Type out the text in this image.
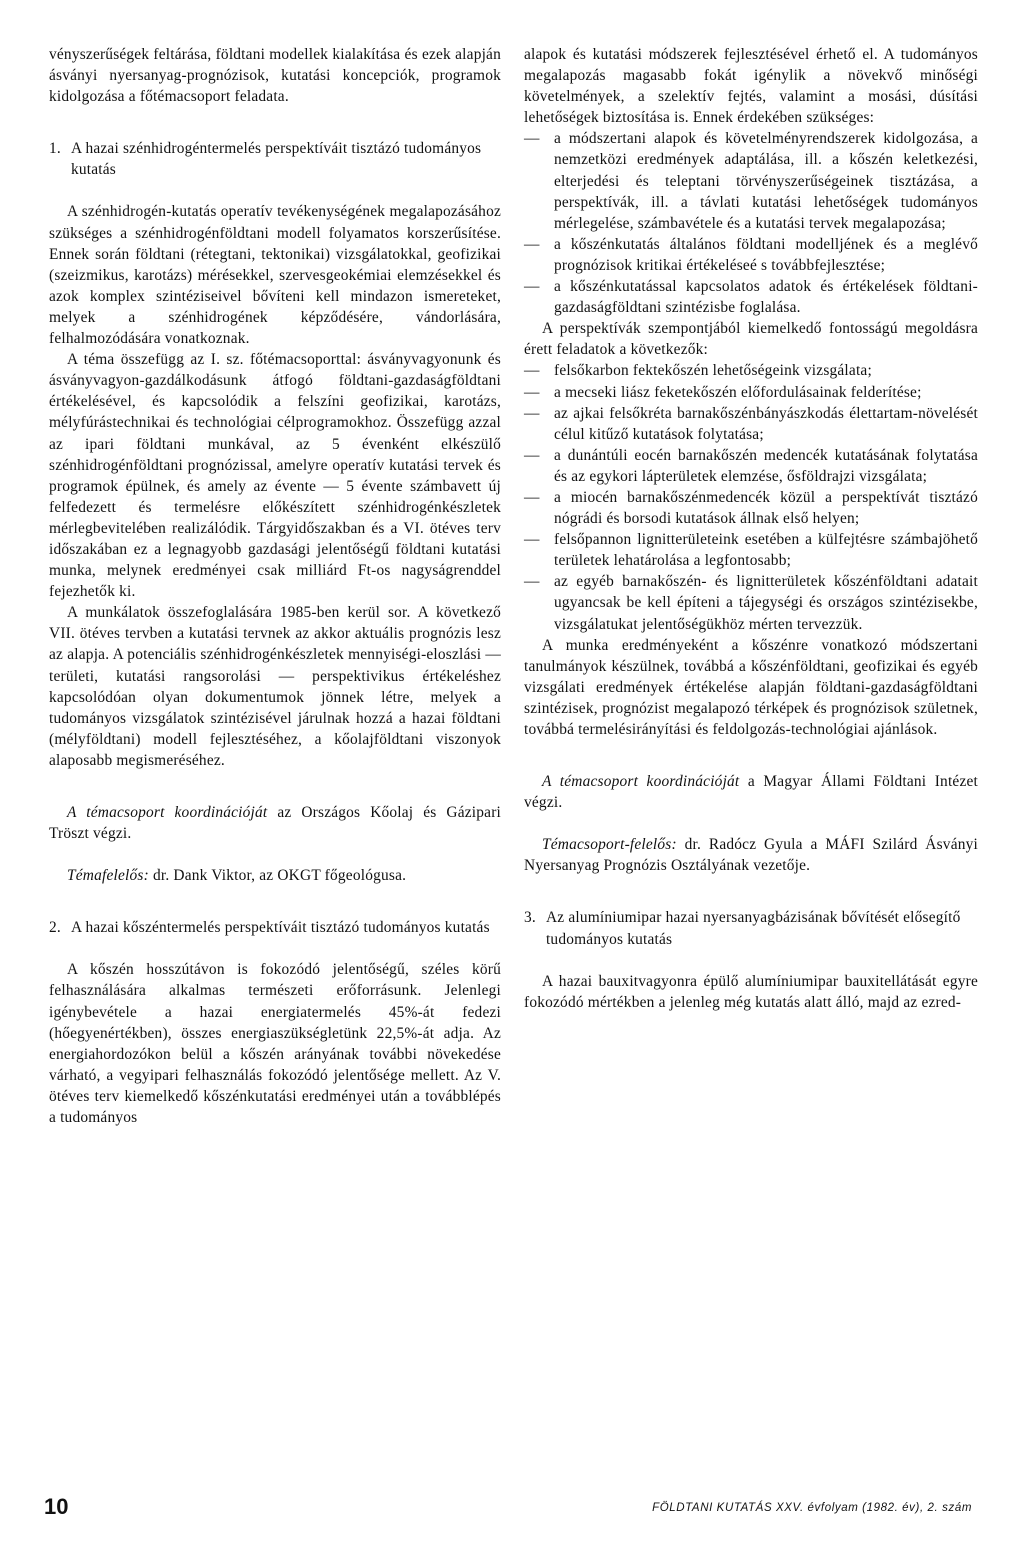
vényszerűségek feltárása, földtani modellek kialakítása és ezek alapján ásványi nyersanyag-prognózisok, kutatási koncepciók, programok kidolgozása a főtémacsoport feladata.

1. A hazai szénhidrogéntermelés perspektíváit tisztázó tudományos kutatás

A szénhidrogén-kutatás operatív tevékenységének megalapozásához szükséges a szénhidrogénföldtani modell folyamatos korszerűsítése. Ennek során földtani (rétegtani, tektonikai) vizsgálatokkal, geofizikai (szeizmikus, karotázs) mérésekkel, szervesgeokémiai elemzésekkel és azok komplex szintéziseivel bővíteni kell mindazon ismereteket, melyek a szénhidrogének képződésére, vándorlására, felhalmozódására vonatkoznak.

A téma összefügg az I. sz. főtémacsoporttal: ásványvagyonunk és ásványvagyon-gazdálkodásunk átfogó földtani-gazdaságföldtani értékelésével, és kapcsolódik a felszíni geofizikai, karotázs, mélyfúrástechnikai és technológiai célprogramokhoz. Összefügg azzal az ipari földtani munkával, az 5 évenként elkészülő szénhidrogénföldtani prognózissal, amelyre operatív kutatási tervek és programok épülnek, és amely az évente — 5 évente számbavett új felfedezett és termelésre előkészített szénhidrogénkészletek mérlegbevitelében realizálódik. Tárgyidőszakban és a VI. ötéves terv időszakában ez a legnagyobb gazdasági jelentőségű földtani kutatási munka, melynek eredményei csak milliárd Ft-os nagyságrenddel fejezhetők ki.

A munkálatok összefoglalására 1985-ben kerül sor. A következő VII. ötéves tervben a kutatási tervnek az akkor aktuális prognózis lesz az alapja. A potenciális szénhidrogénkészletek mennyiségi-eloszlási — területi, kutatási rangsorolási — perspektivikus értékeléshez kapcsolódóan olyan dokumentumok jönnek létre, melyek a tudományos vizsgálatok szintézisével járulnak hozzá a hazai földtani (mélyföldtani) modell fejlesztéséhez, a kőolajföldtani viszonyok alaposabb megismeréséhez.

A témacsoport koordinációját az Országos Kőolaj és Gázipari Tröszt végzi.

Témafelelős: dr. Dank Viktor, az OKGT főgeológusa.

2. A hazai kőszéntermelés perspektíváit tisztázó tudományos kutatás

A kőszén hosszútávon is fokozódó jelentőségű, széles körű felhasználására alkalmas természeti erőforrásunk. Jelenlegi igénybevétele a hazai energiatermelés 45%-át fedezi (hőegyenértékben), összes energiaszükségletünk 22,5%-át adja. Az energiahordozókon belül a kőszén arányának további növekedése várható, a vegyipari felhasználás fokozódó jelentősége mellett. Az V. ötéves terv kiemelkedő kőszénkutatási eredményei után a továbblépés a tudományos

alapok és kutatási módszerek fejlesztésével érhető el. A tudományos megalapozás magasabb fokát igénylik a növekvő minőségi követelmények, a szelektív fejtés, valamint a mosási, dúsítási lehetőségek biztosítása is. Ennek érdekében szükséges:

— a módszertani alapok és követelményrendszerek kidolgozása, a nemzetközi eredmények adaptálása, ill. a kőszén keletkezési, elterjedési és teleptani törvényszerűségeinek tisztázása, a perspektívák, ill. a távlati kutatási lehetőségek tudományos mérlegelése, számbavétele és a kutatási tervek megalapozása;
— a kőszénkutatás általános földtani modelljének és a meglévő prognózisok kritikai értékeléseé s továbbfejlesztése;
— a kőszénkutatással kapcsolatos adatok és értékelések földtani-gazdaságföldtani szintézisbe foglalása.

A perspektívák szempontjából kiemelkedő fontosságú megoldásra érett feladatok a következők:

— felsőkarbon fektekőszén lehetőségeink vizsgálata;
— a mecseki liász feketekőszén előfordulásainak felderítése;
— az ajkai felsőkréta barnakőszénbányászkodás élettartam-növelését célul kitűző kutatások folytatása;
— a dunántúli eocén barnakőszén medencék kutatásának folytatása és az egykori lápterületek elemzése, ősföldrajzi vizsgálata;
— a miocén barnakőszénmedencék közül a perspektívát tisztázó nógrádi és borsodi kutatások állnak első helyen;
— felsőpannon lignitterületeink esetében a külfejtésre számbajöhető területek lehatárolása a legfontosabb;
— az egyéb barnakőszén- és lignitterületek kőszénföldtani adatait ugyancsak be kell építeni a tájegységi és országos szintézisekbe, vizsgálatukat jelentőségükhöz mérten tervezzük.

A munka eredményeként a kőszénre vonatkozó módszertani tanulmányok készülnek, továbbá a kőszénföldtani, geofizikai és egyéb vizsgálati eredmények értékelése alapján földtani-gazdaságföldtani szintézisek, prognózist megalapozó térképek és prognózisok születnek, továbbá termelésirányítási és feldolgozás-technológiai ajánlások.

A témacsoport koordinációját a Magyar Állami Földtani Intézet végzi.

Témacsoport-felelős: dr. Radócz Gyula a MÁFI Szilárd Ásványi Nyersanyag Prognózis Osztályának vezetője.

3. Az alumíniumipar hazai nyersanyagbázisának bővítését elősegítő tudományos kutatás

A hazai bauxitvagyonra épülő alumíniumipar bauxitellátását egyre fokozódó mértékben a jelenleg még kutatás alatt álló, majd az ezred-

10	FÖLDTANI KUTATÁS XXV. évfolyam (1982. év), 2. szám
